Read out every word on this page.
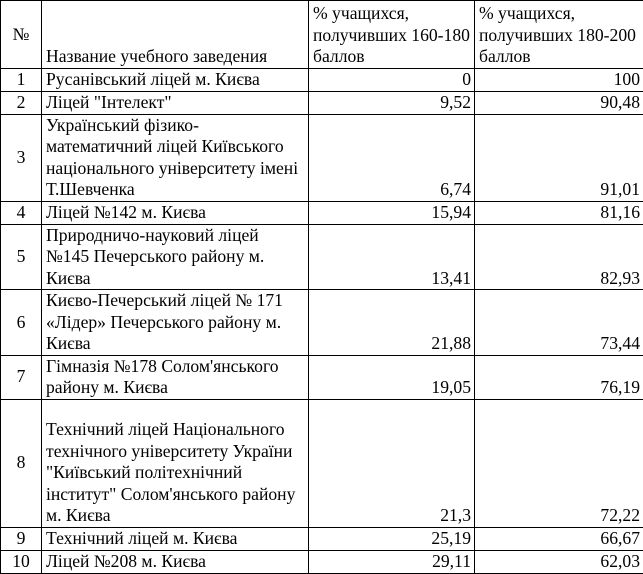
№	Название учебного заведения	% учащихся, получивших 160-180 баллов	% учащихся, получивших 180-200 баллов
1	Русанівський ліцей м. Києва	0	100
2	Ліцей "Інтелект"	9,52	90,48
3	Український фізико-математичний ліцей Київського національного університету імені Т.Шевченка	6,74	91,01
4	Ліцей №142 м. Києва	15,94	81,16
5	Природничо-науковий ліцей №145 Печерського району м. Києва	13,41	82,93
6	Києво-Печерський ліцей № 171 «Лідер» Печерського району м. Києва	21,88	73,44
7	Гімназія №178 Солом'янського району м. Києва	19,05	76,19
8	Технічний ліцей Національного технічного університету України "Київський політехнічний інститут" Солом'янського району м. Києва	21,3	72,22
9	Технічний ліцей м. Києва	25,19	66,67
10	Ліцей №208 м. Києва	29,11	62,03
